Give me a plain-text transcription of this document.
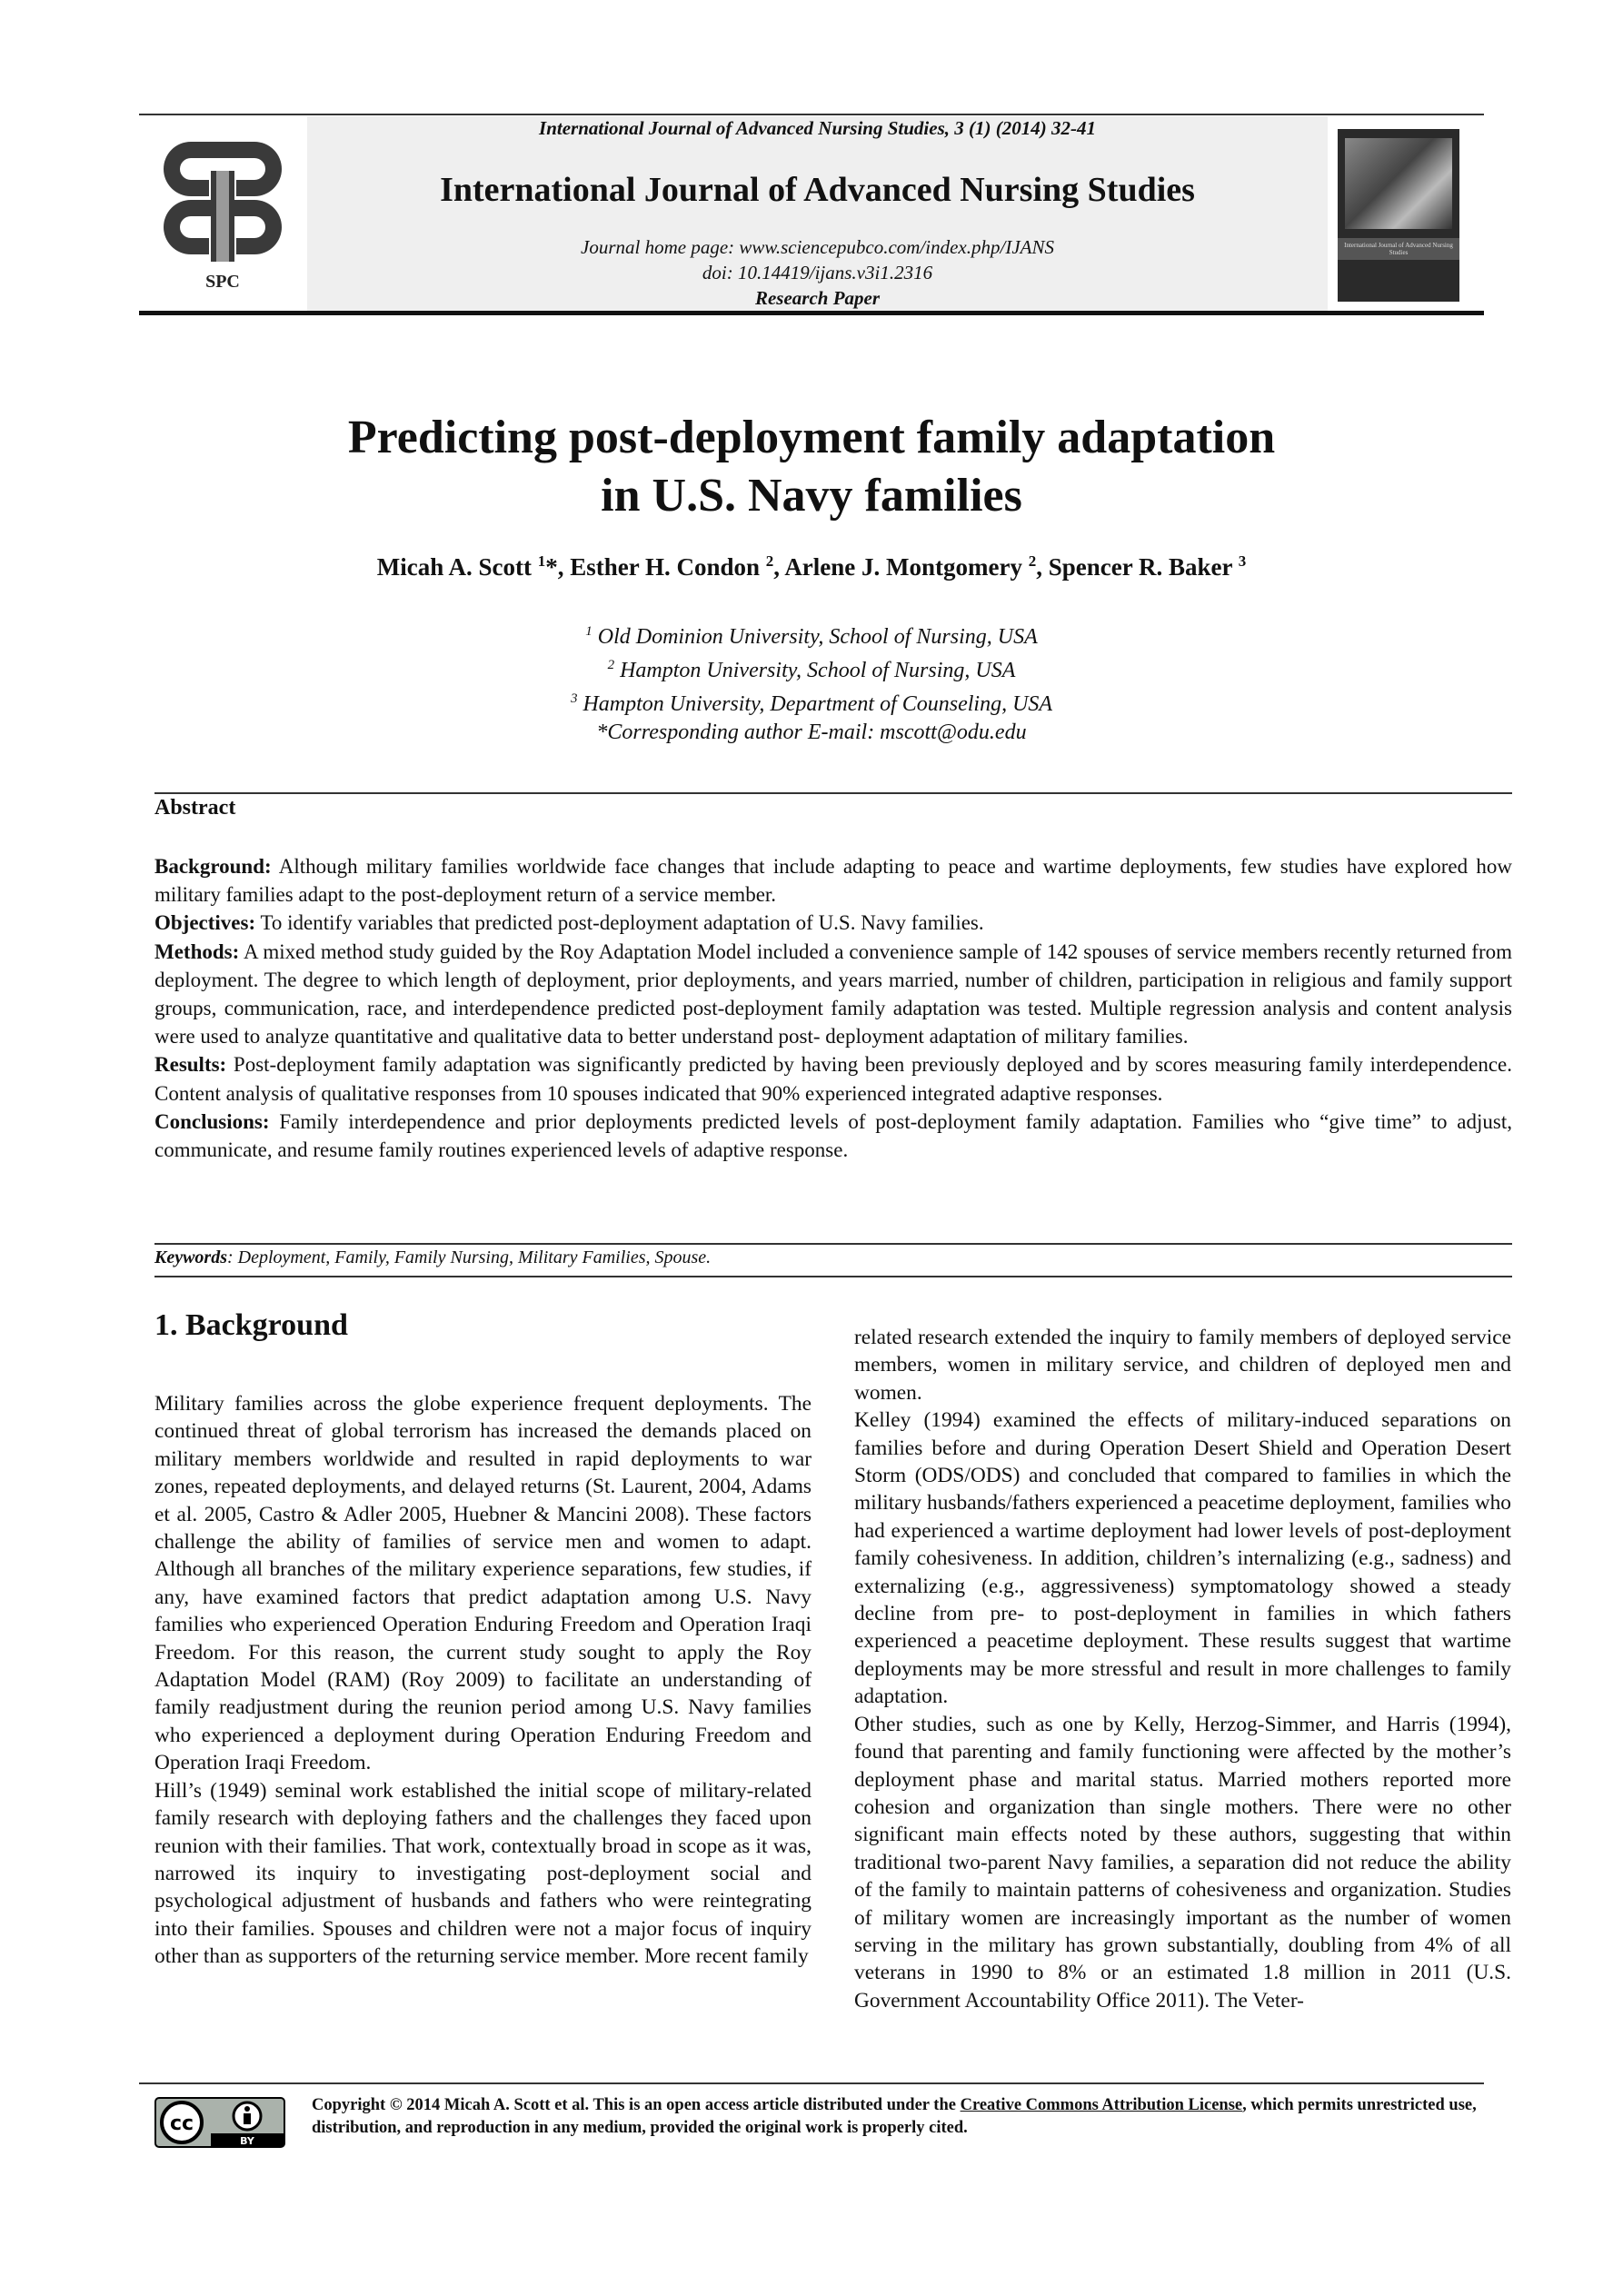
SPC
International Journal of Advanced Nursing Studies
International Journal of Advanced Nursing Studies, 3 (1) (2014) 32-41
International Journal of Advanced Nursing Studies
Journal home page: www.sciencepubco.com/index.php/IJANS
doi: 10.14419/ijans.v3i1.2316
Research Paper
Predicting post-deployment family adaptation
in U.S. Navy families
Micah A. Scott $^1$*, Esther H. Condon $^2$, Arlene J. Montgomery $^2$, Spencer R. Baker $^3$
$^1$ Old Dominion University, School of Nursing, USA
$^2$ Hampton University, School of Nursing, USA
$^3$ Hampton University, Department of Counseling, USA
*Corresponding author E-mail: mscott@odu.edu
Abstract

Background: Although military families worldwide face changes that include adapting to peace and wartime deployments, few studies have explored how military families adapt to the post-deployment return of a service member.

Objectives: To identify variables that predicted post-deployment adaptation of U.S. Navy families.

Methods: A mixed method study guided by the Roy Adaptation Model included a convenience sample of 142 spouses of service members recently returned from deployment. The degree to which length of deployment, prior deployments, and years married, number of children, participation in religious and family support groups, communication, race, and interdependence predicted post-deployment family adaptation was tested. Multiple regression analysis and content analysis were used to analyze quantitative and qualitative data to better understand post- deployment adaptation of military families.

Results: Post-deployment family adaptation was significantly predicted by having been previously deployed and by scores measuring family interdependence. Content analysis of qualitative responses from 10 spouses indicated that 90% experienced integrated adaptive responses.

Conclusions: Family interdependence and prior deployments predicted levels of post-deployment family adaptation. Families who “give time” to adjust, communicate, and resume family routines experienced levels of adaptive response.

Keywords: Deployment, Family, Family Nursing, Military Families, Spouse.
1. Background
Military families across the globe experience frequent deployments. The continued threat of global terrorism has increased the demands placed on military members worldwide and resulted in rapid deployments to war zones, repeated deployments, and delayed returns (St. Laurent, 2004, Adams et al. 2005, Castro & Adler 2005, Huebner & Mancini 2008). These factors challenge the ability of families of service men and women to adapt. Although all branches of the military experience separations, few studies, if any, have examined factors that predict adaptation among U.S. Navy families who experienced Operation Enduring Freedom and Operation Iraqi Freedom. For this reason, the current study sought to apply the Roy Adaptation Model (RAM) (Roy 2009) to facilitate an understanding of family readjustment during the reunion period among U.S. Navy families who experienced a deployment during Operation Enduring Freedom and Operation Iraqi Freedom.
Hill’s (1949) seminal work established the initial scope of military-related family research with deploying fathers and the challenges they faced upon reunion with their families. That work, contextually broad in scope as it was, narrowed its inquiry to investigating post-deployment social and psychological adjustment of husbands and fathers who were reintegrating into their families. Spouses and children were not a major focus of inquiry other than as supporters of the returning service member. More recent family
related research extended the inquiry to family members of deployed service members, women in military service, and children of deployed men and women.
Kelley (1994) examined the effects of military-induced separations on families before and during Operation Desert Shield and Operation Desert Storm (ODS/ODS) and concluded that compared to families in which the military husbands/fathers experienced a peacetime deployment, families who had experienced a wartime deployment had lower levels of post-deployment family cohesiveness. In addition, children’s internalizing (e.g., sadness) and externalizing (e.g., aggressiveness) symptomatology showed a steady decline from pre- to post-deployment in families in which fathers experienced a peacetime deployment. These results suggest that wartime deployments may be more stressful and result in more challenges to family adaptation.
Other studies, such as one by Kelly, Herzog-Simmer, and Harris (1994), found that parenting and family functioning were affected by the mother’s deployment phase and marital status. Married mothers reported more cohesion and organization than single mothers. There were no other significant main effects noted by these authors, suggesting that within traditional two-parent Navy families, a separation did not reduce the ability of the family to maintain patterns of cohesiveness and organization. Studies of military women are increasingly important as the number of women serving in the military has grown substantially, doubling from 4% of all veterans in 1990 to 8% or an estimated 1.8 million in 2011 (U.S. Government Accountability Office 2011). The Veter-
cc
BY
Copyright © 2014 Micah A. Scott et al. This is an open access article distributed under the Creative Commons Attribution License, which permits unrestricted use, distribution, and reproduction in any medium, provided the original work is properly cited.
